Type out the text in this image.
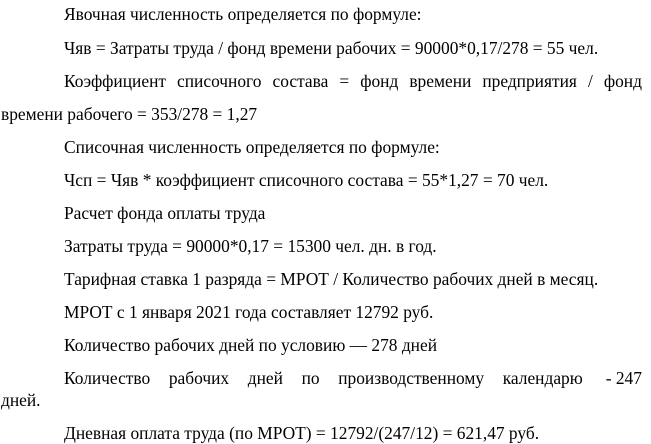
Явочная численность определяется по формуле:
Чяв = Затраты труда / фонд времени рабочих = 90000*0,17/278 = 55 чел.
Коэффициент списочного состава = фонд времени предприятия / фонд
времени рабочего = 353/278 = 1,27
Списочная численность определяется по формуле:
Чсп = Чяв * коэффициент списочного состава = 55*1,27 = 70 чел.
Расчет фонда оплаты труда
Затраты труда = 90000*0,17 = 15300 чел. дн. в год.
Тарифная ставка 1 разряда = МРОТ / Количество рабочих дней в месяц.
МРОТ с 1 января 2021 года составляет 12792 руб.
Количество рабочих дней по условию — 278 дней
Количество рабочих дней по производственному календарю - 247
дней.
Дневная оплата труда (по МРОТ) = 12792/(247/12) = 621,47 руб.
